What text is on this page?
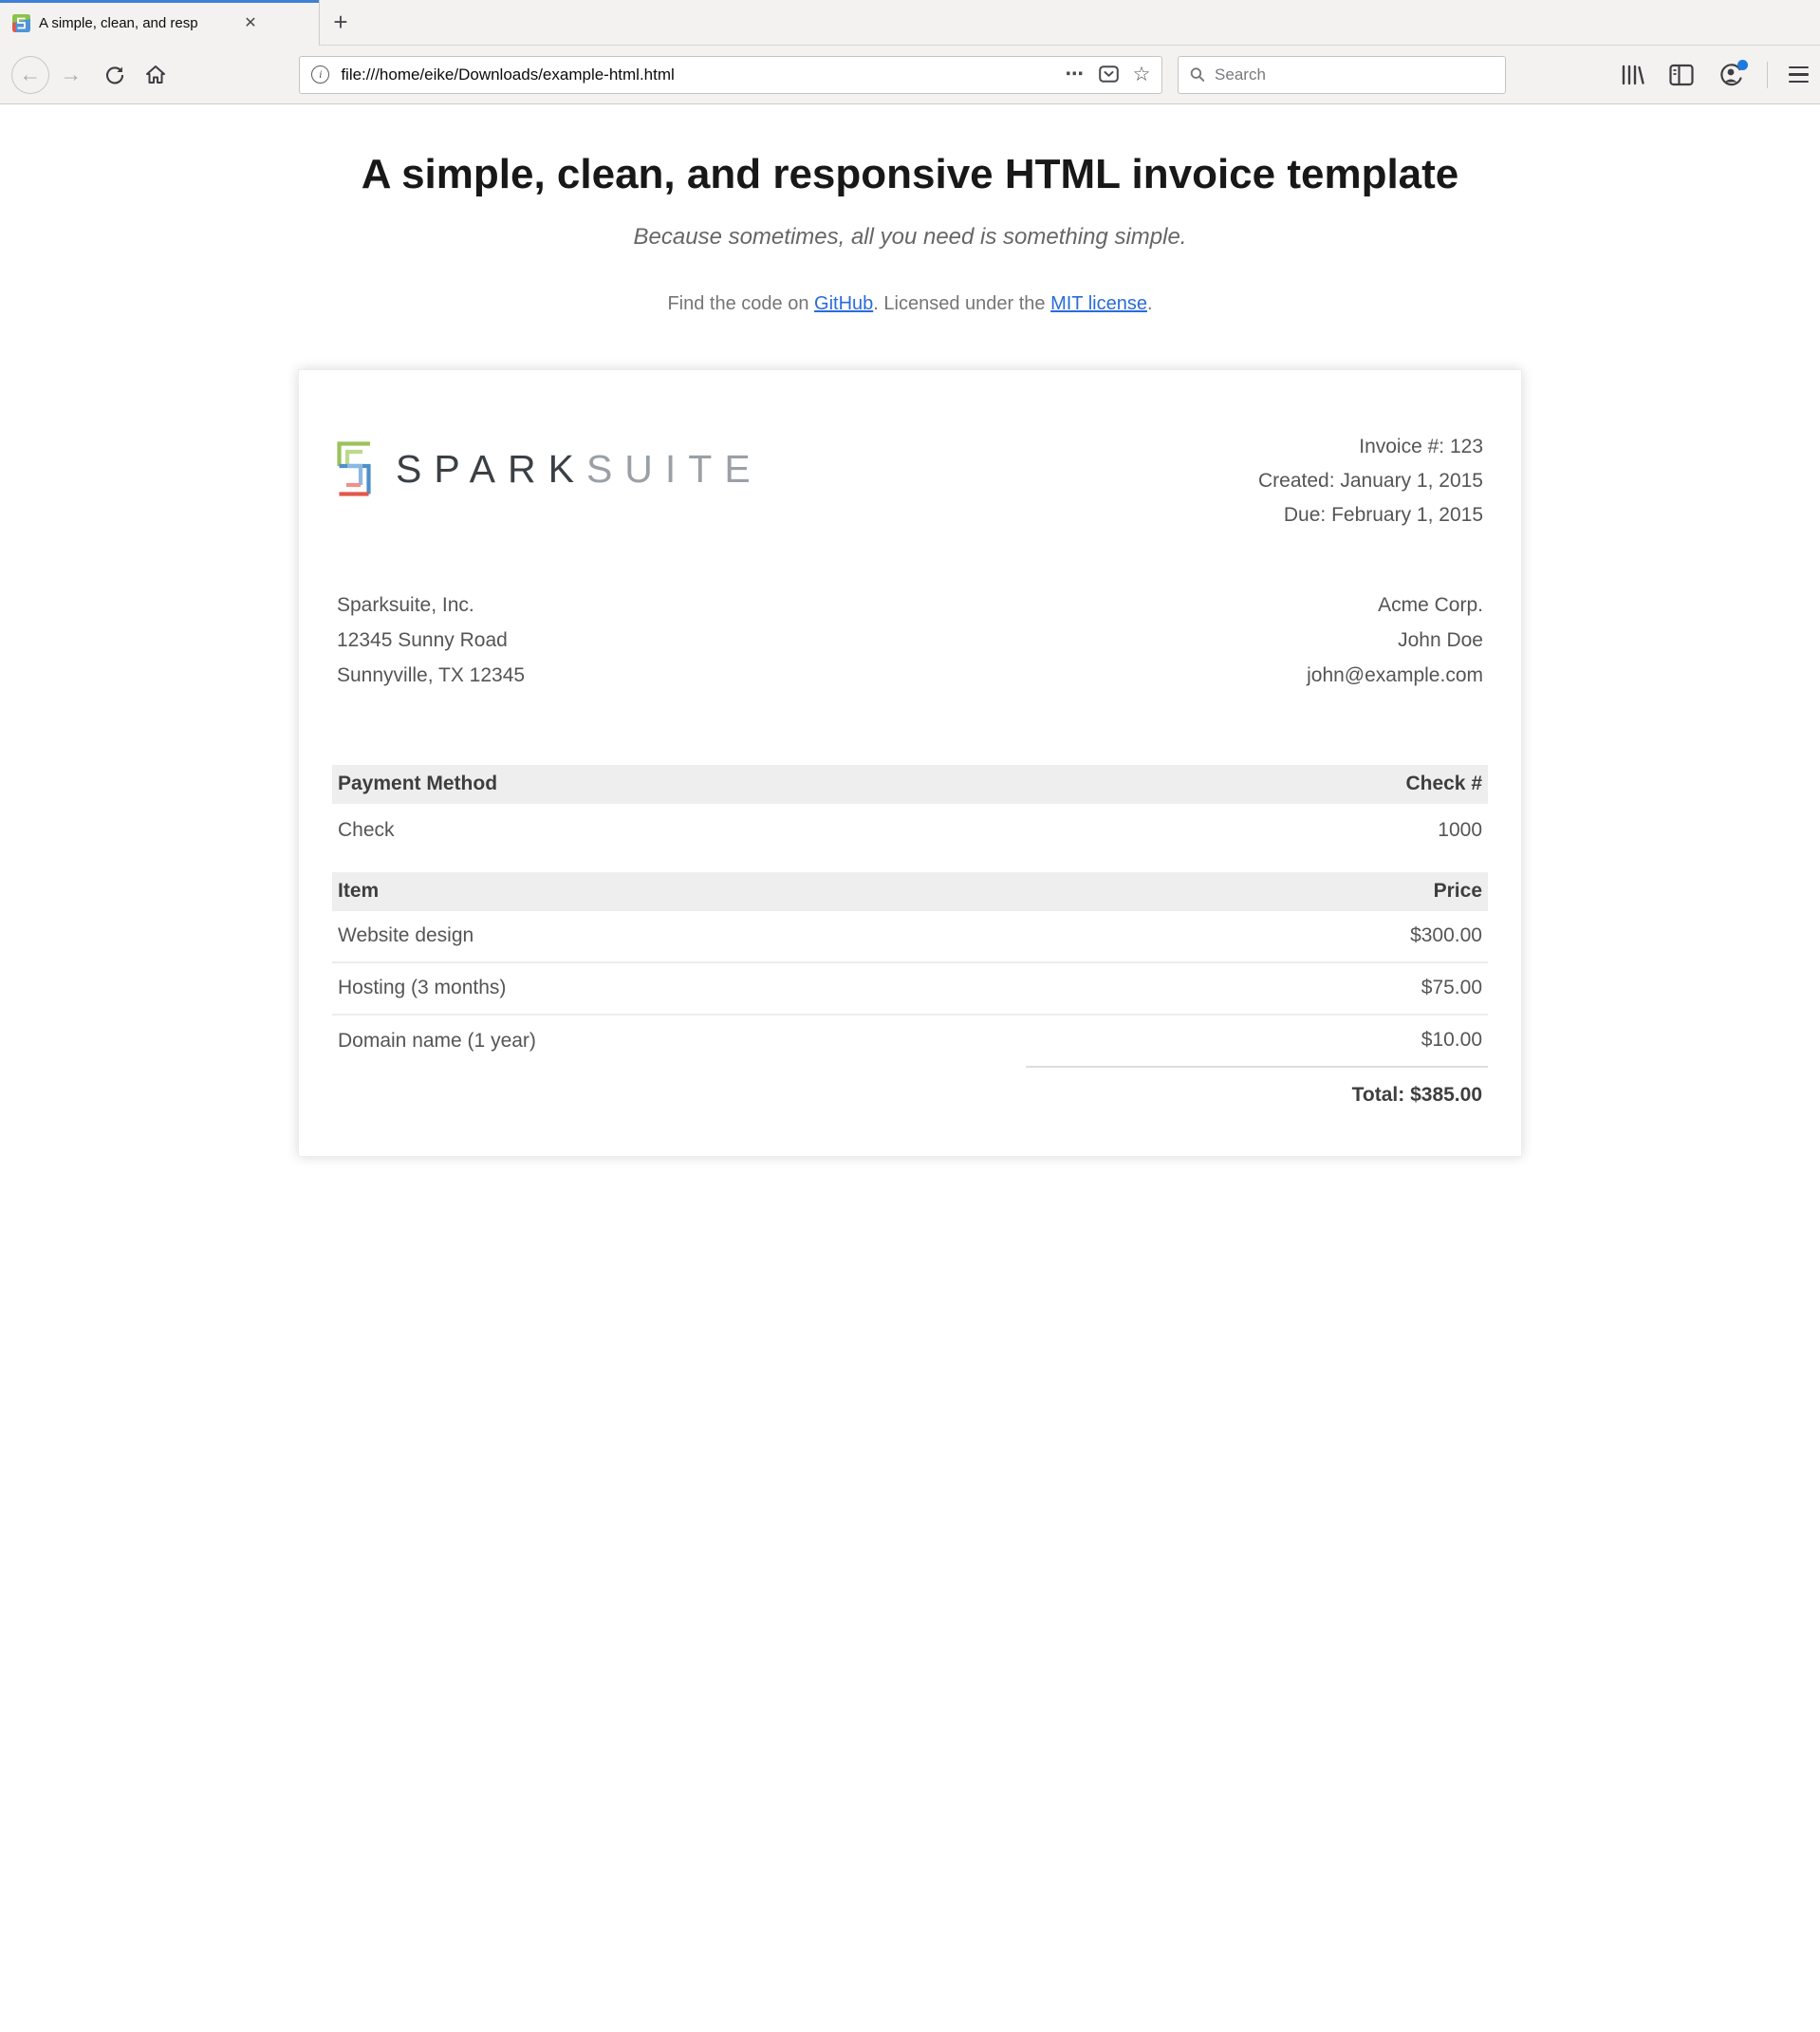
A simple, clean, and resp	✕	+
← →	i	file:///home/eike/Downloads/example-html.html	⋯ ☆
Search
A simple, clean, and responsive HTML invoice template
Because sometimes, all you need is something simple.
Find the code on GitHub. Licensed under the MIT license.
SPARKSUITE	Invoice #: 123
Created: January 1, 2015
Due: February 1, 2015
Sparksuite, Inc.
12345 Sunny Road
Sunnyville, TX 12345
Acme Corp.
John Doe
john@example.com
Payment Method	Check #
Check	1000
Item	Price
Website design	$300.00
Hosting (3 months)	$75.00
Domain name (1 year)	$10.00
	Total: $385.00
